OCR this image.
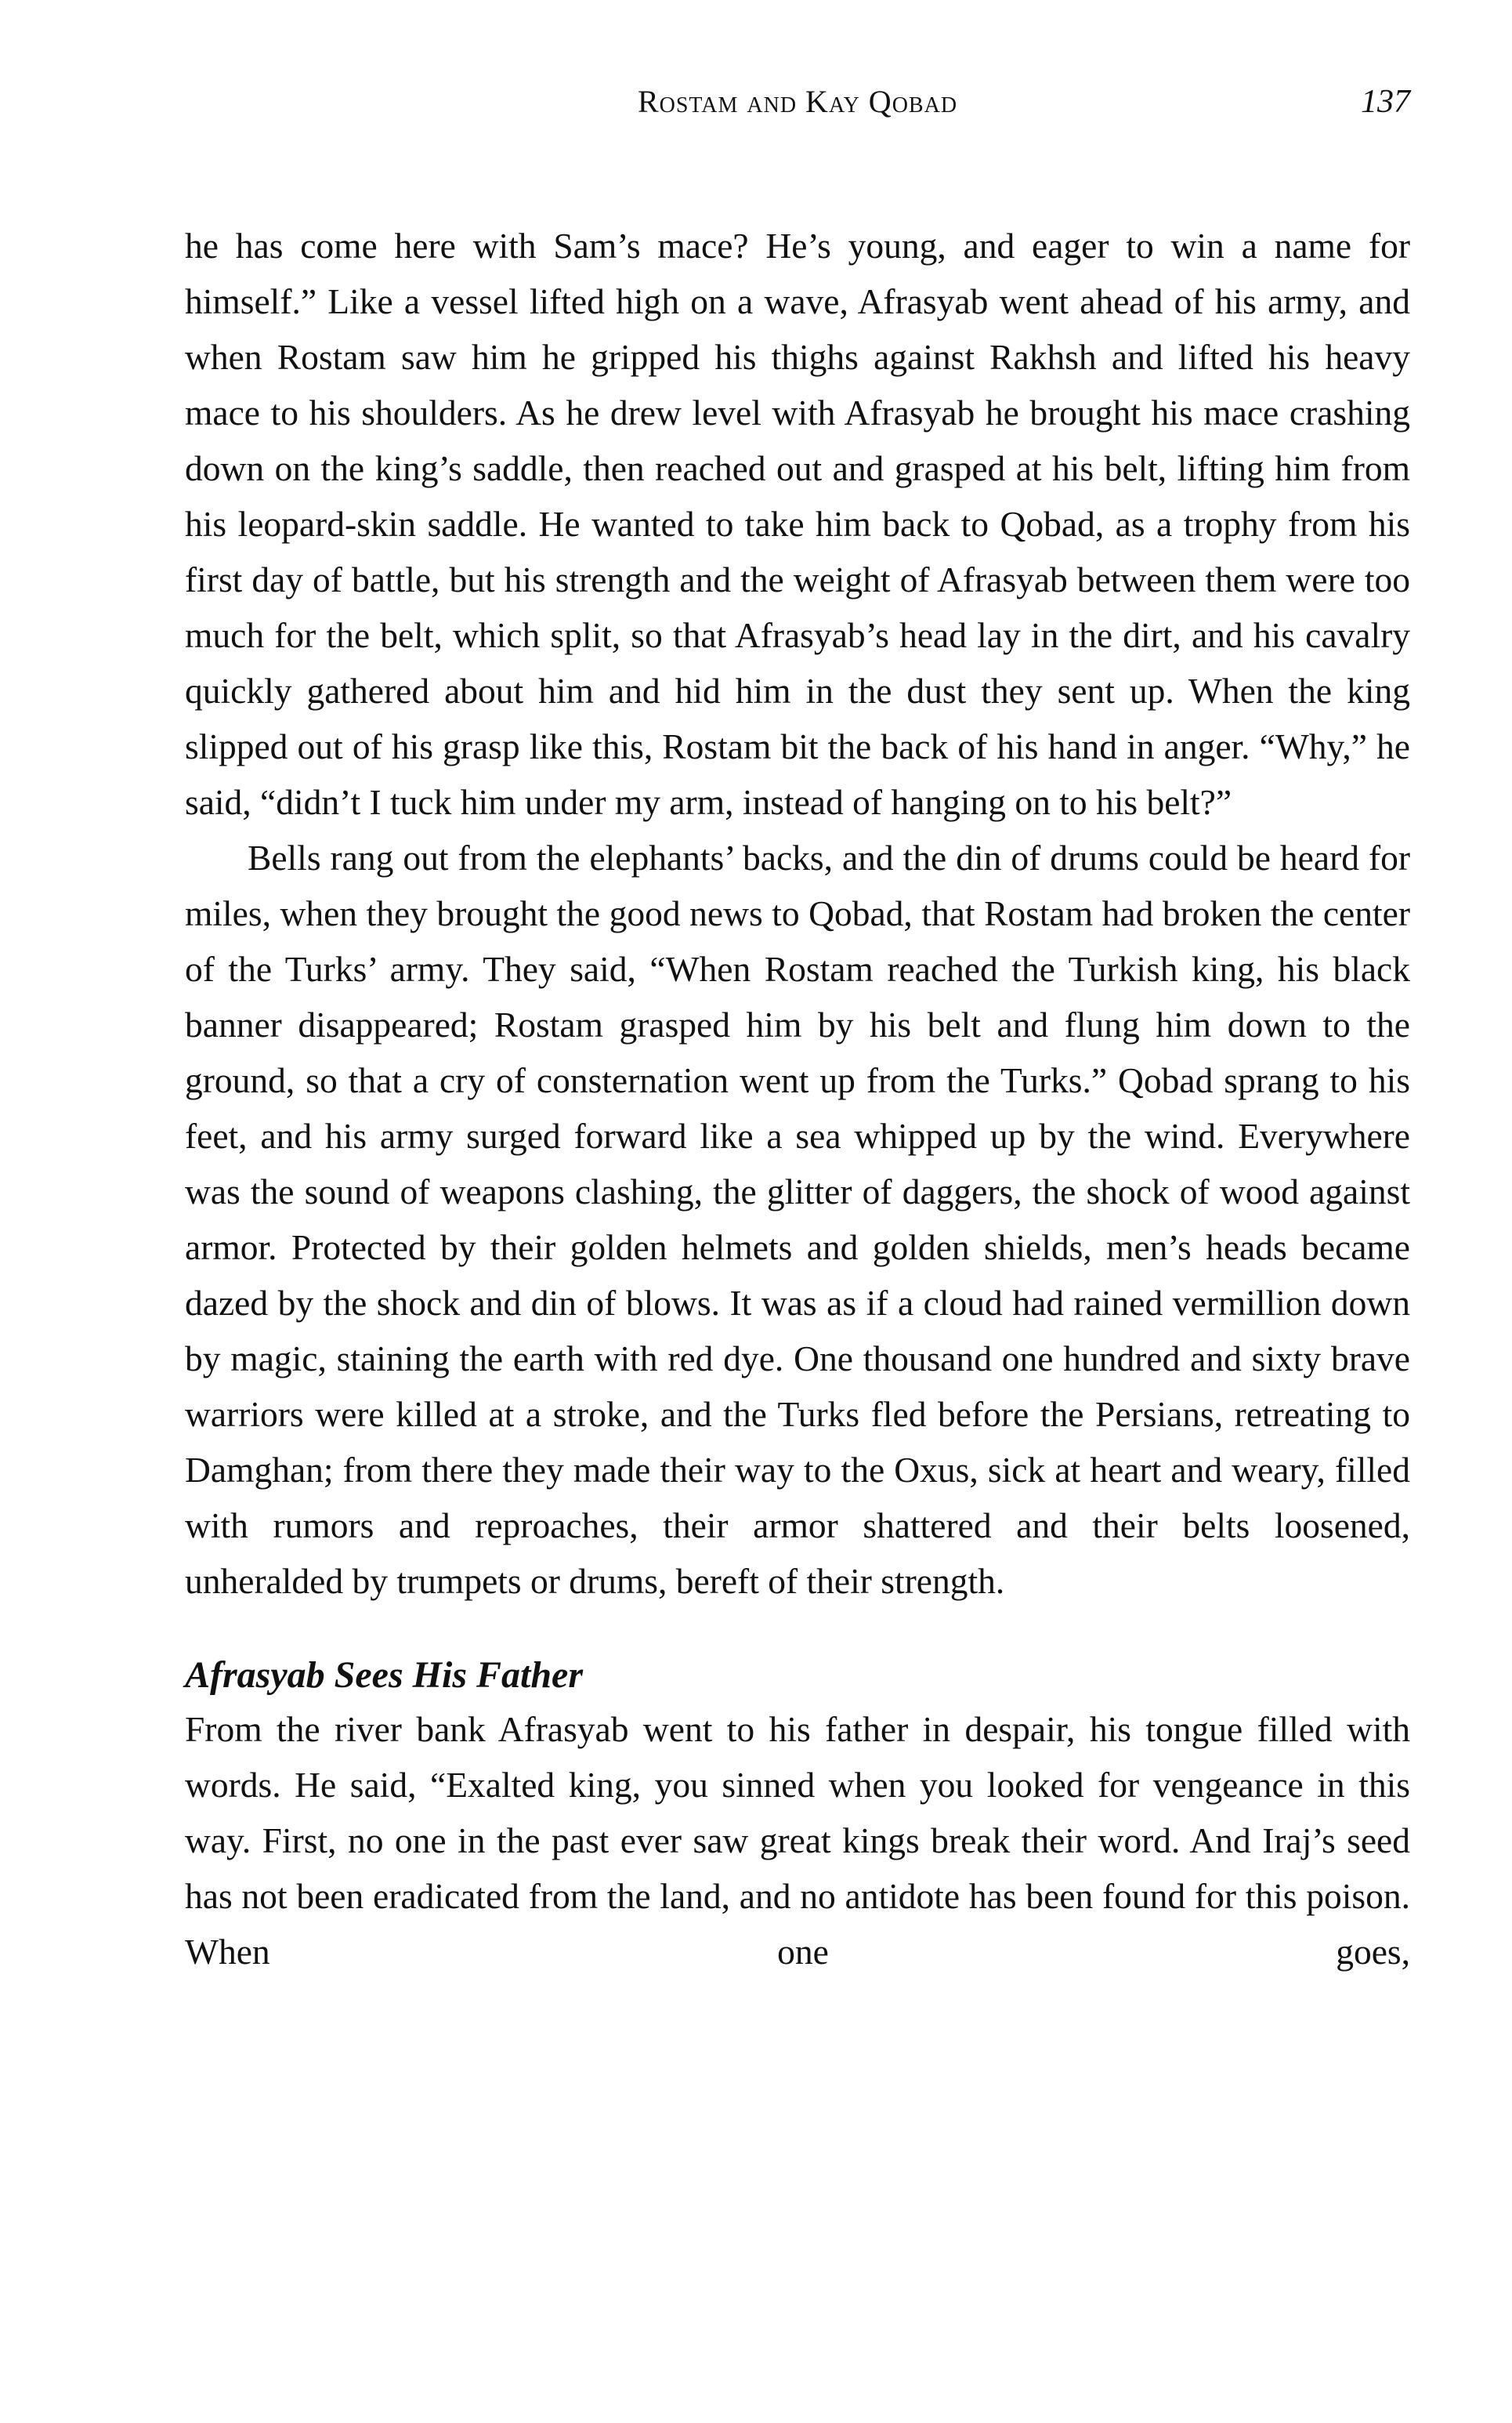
Rostam and Kay Qobad	137

he has come here with Sam’s mace? He’s young, and eager to win a name for himself.” Like a vessel lifted high on a wave, Afrasyab went ahead of his army, and when Rostam saw him he gripped his thighs against Rakhsh and lifted his heavy mace to his shoulders. As he drew level with Afrasyab he brought his mace crashing down on the king’s saddle, then reached out and grasped at his belt, lifting him from his leopard-skin saddle. He wanted to take him back to Qobad, as a trophy from his first day of battle, but his strength and the weight of Afrasyab between them were too much for the belt, which split, so that Afrasyab’s head lay in the dirt, and his cavalry quickly gathered about him and hid him in the dust they sent up. When the king slipped out of his grasp like this, Rostam bit the back of his hand in anger. “Why,” he said, “didn’t I tuck him under my arm, instead of hanging on to his belt?”

Bells rang out from the elephants’ backs, and the din of drums could be heard for miles, when they brought the good news to Qobad, that Rostam had broken the center of the Turks’ army. They said, “When Rostam reached the Turkish king, his black banner disappeared; Rostam grasped him by his belt and flung him down to the ground, so that a cry of consternation went up from the Turks.” Qobad sprang to his feet, and his army surged forward like a sea whipped up by the wind. Everywhere was the sound of weapons clashing, the glitter of daggers, the shock of wood against armor. Protected by their golden helmets and golden shields, men’s heads became dazed by the shock and din of blows. It was as if a cloud had rained vermillion down by magic, staining the earth with red dye. One thousand one hundred and sixty brave warriors were killed at a stroke, and the Turks fled before the Persians, retreating to Damghan; from there they made their way to the Oxus, sick at heart and weary, filled with rumors and reproaches, their armor shattered and their belts loosened, unheralded by trumpets or drums, bereft of their strength.

Afrasyab Sees His Father

From the river bank Afrasyab went to his father in despair, his tongue filled with words. He said, “Exalted king, you sinned when you looked for vengeance in this way. First, no one in the past ever saw great kings break their word. And Iraj’s seed has not been eradicated from the land, and no antidote has been found for this poison. When one goes,
